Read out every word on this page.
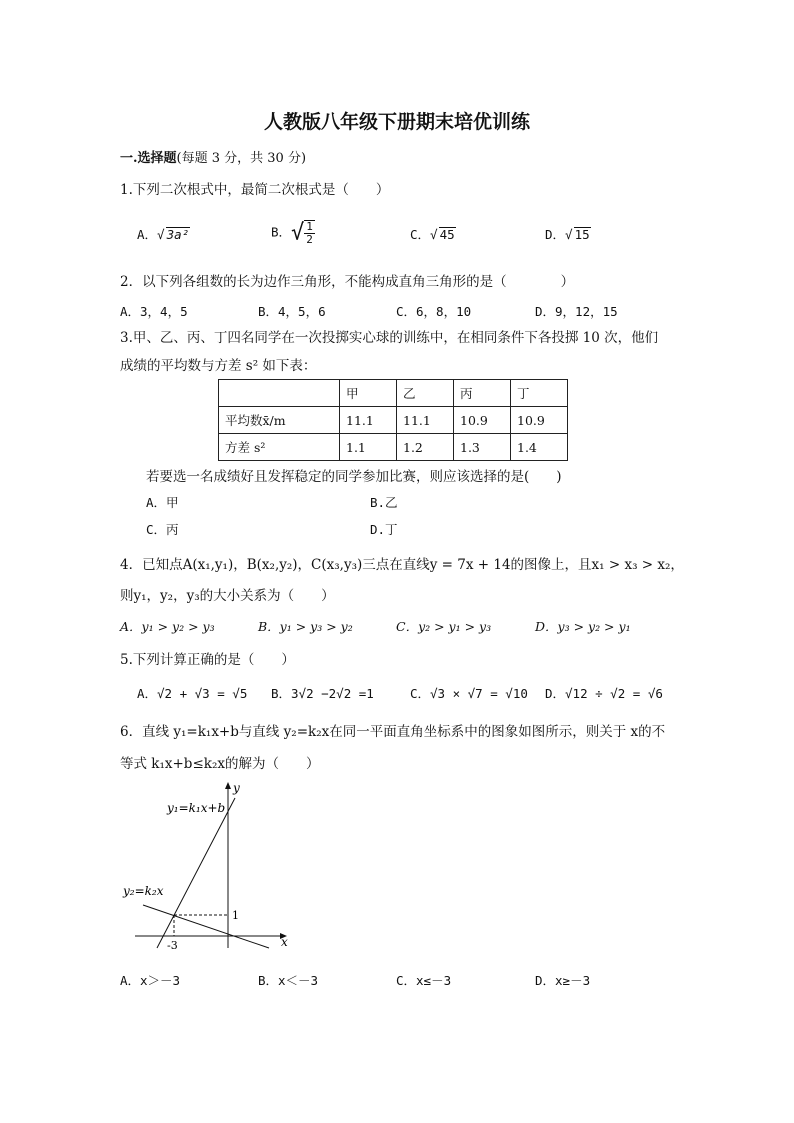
人教版八年级下册期末培优训练
一.选择题(每题 3 分，共 30 分)
1.下列二次根式中，最简二次根式是（　　）
A．√ 3a²	B．√ $\frac{1}{2}$	C．√ 45	D．√ 15
2．以下列各组数的长为边作三角形，不能构成直角三角形的是（　　　　）
A．3，4，5	B．4，5，6	C．6，8，10	D．9，12，15
3.甲、乙、丙、丁四名同学在一次投掷实心球的训练中，在相同条件下各投掷 10 次，他们
成绩的平均数与方差 s² 如下表：
	甲	乙	丙	丁
平均数x̄/m	11.1	11.1	10.9	10.9
方差 s²	1.1	1.2	1.3	1.4
若要选一名成绩好且发挥稳定的同学参加比赛，则应该选择的是(　　)
A．甲	B.乙
C．丙	D.丁
4．已知点A(x₁,y₁)，B(x₂,y₂)，C(x₃,y₃)三点在直线y = 7x + 14的图像上，且x₁ > x₃ > x₂，
则y₁，y₂，y₃的大小关系为（　　）
A．y₁ > y₂ > y₃	B．y₁ > y₃ > y₂	C．y₂ > y₁ > y₃	D．y₃ > y₂ > y₁
5.下列计算正确的是（　　）
A．√2 + √3 = √5 B．3√2 −2√2 =1	C．√3 × √7 = √10 D．√12 ÷ √2 = √6
6．直线 y₁=k₁x+b与直线 y₂=k₂x在同一平面直角坐标系中的图象如图所示，则关于 x的不
等式 k₁x+b≤k₂x的解为（　　）
y
x
y₁=k₁x+b
y₂=k₂x
1
-3
A．x＞－3	B．x＜－3	C．x≤－3	D．x≥－3
